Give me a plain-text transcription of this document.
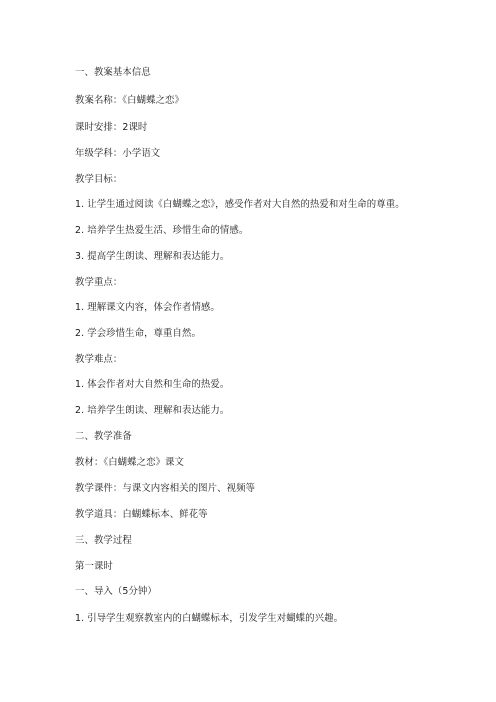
一、教案基本信息
教案名称：《白蝴蝶之恋》
课时安排：2课时
年级学科：小学语文
教学目标：
1. 让学生通过阅读《白蝴蝶之恋》，感受作者对大自然的热爱和对生命的尊重。
2. 培养学生热爱生活、珍惜生命的情感。
3. 提高学生朗读、理解和表达能力。
教学重点：
1. 理解课文内容，体会作者情感。
2. 学会珍惜生命，尊重自然。
教学难点：
1. 体会作者对大自然和生命的热爱。
2. 培养学生朗读、理解和表达能力。
二、教学准备
教材：《白蝴蝶之恋》课文
教学课件：与课文内容相关的图片、视频等
教学道具：白蝴蝶标本、鲜花等
三、教学过程
第一课时
一、导入（5分钟）
1. 引导学生观察教室内的白蝴蝶标本，引发学生对蝴蝶的兴趣。
